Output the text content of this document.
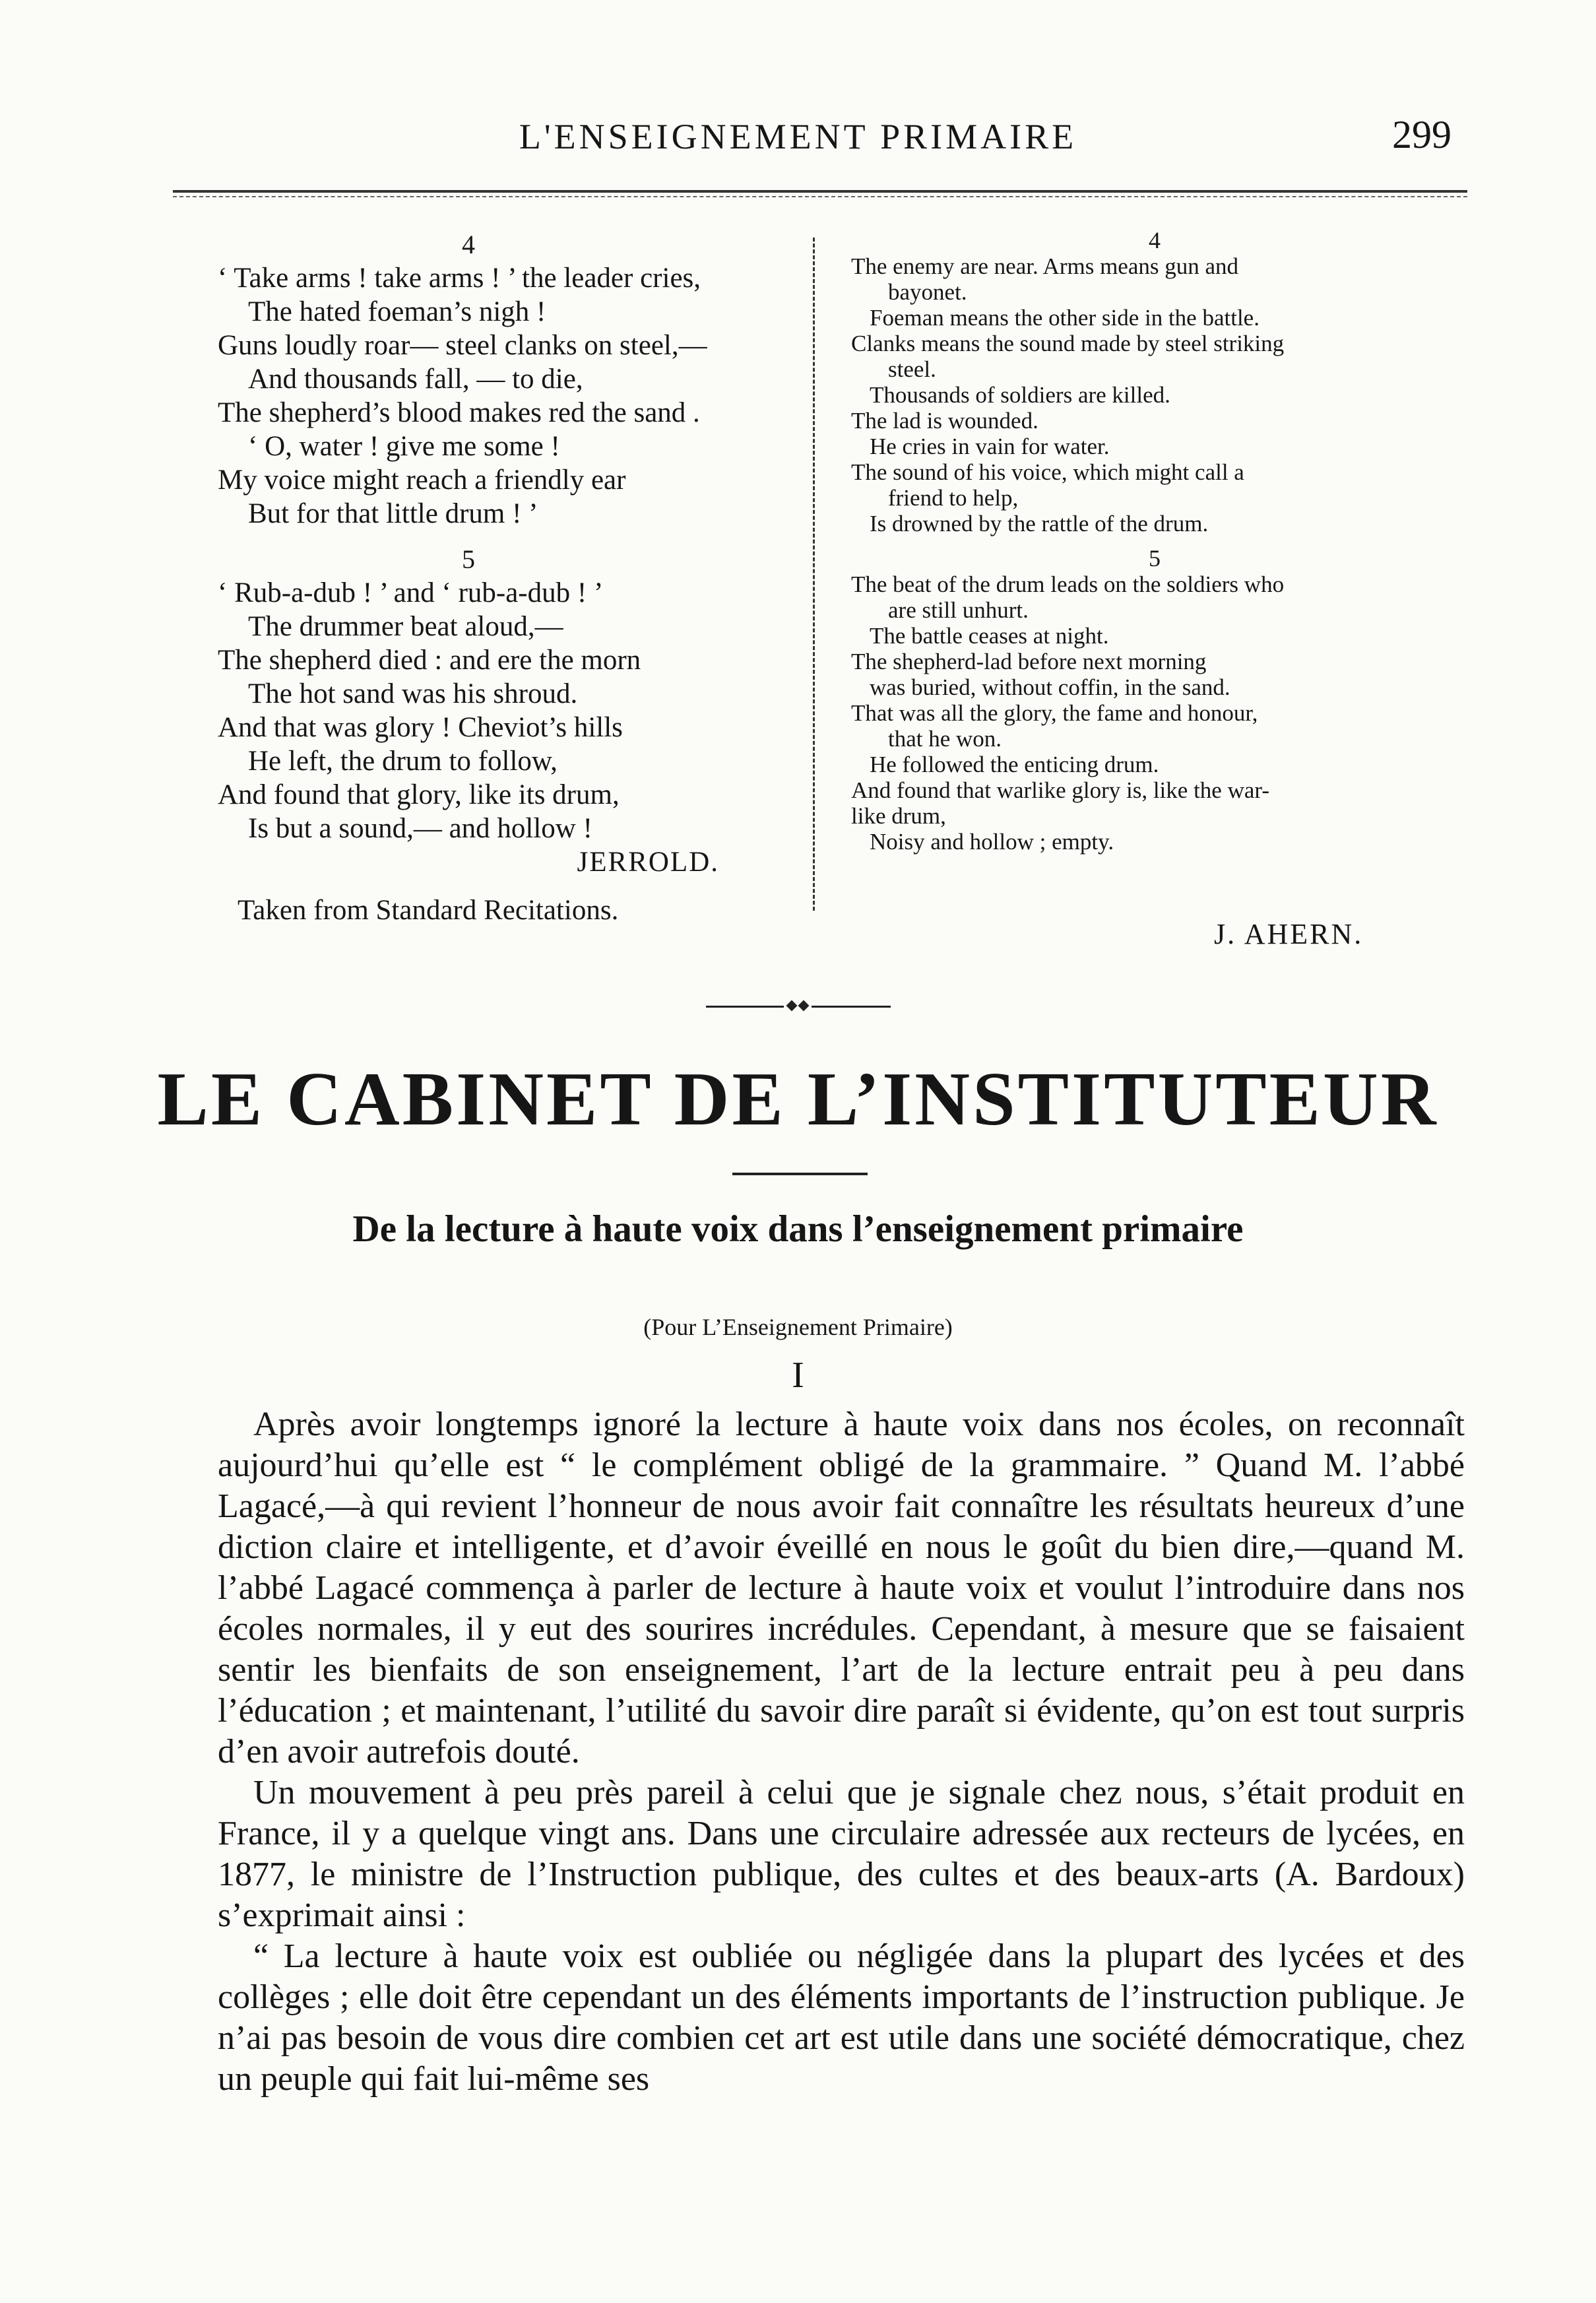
L'ENSEIGNEMENT PRIMAIRE	299
4
‘ Take arms ! take arms ! ’ the leader cries,
The hated foeman’s nigh !
Guns loudly roar— steel clanks on steel,—
And thousands fall, — to die,
The shepherd’s blood makes red the sand .
‘ O, water ! give me some !
My voice might reach a friendly ear
But for that little drum ! ’
5
‘ Rub-a-dub ! ’ and ‘ rub-a-dub ! ’
The drummer beat aloud,—
The shepherd died : and ere the morn
The hot sand was his shroud.
And that was glory ! Cheviot’s hills
He left, the drum to follow,
And found that glory, like its drum,
Is but a sound,— and hollow !
JERROLD.
Taken from Standard Recitations.
4
The enemy are near. Arms means gun and
bayonet.
Foeman means the other side in the battle.
Clanks means the sound made by steel striking
steel.
Thousands of soldiers are killed.
The lad is wounded.
He cries in vain for water.
The sound of his voice, which might call a
friend to help,
Is drowned by the rattle of the drum.
5
The beat of the drum leads on the soldiers who
are still unhurt.
The battle ceases at night.
The shepherd-lad before next morning
was buried, without coffin, in the sand.
That was all the glory, the fame and honour,
that he won.
He followed the enticing drum.
And found that warlike glory is, like the war-
like drum,
Noisy and hollow ; empty.
J. AHERN.
LE CABINET DE L’INSTITUTEUR
De la lecture à haute voix dans l’enseignement primaire
(Pour L’Enseignement Primaire)
I

Après avoir longtemps ignoré la lecture à haute voix dans nos écoles, on reconnaît aujourd’hui qu’elle est “ le complément obligé de la grammaire. ” Quand M. l’abbé Lagacé,—à qui revient l’honneur de nous avoir fait connaître les résultats heureux d’une diction claire et intelligente, et d’avoir éveillé en nous le goût du bien dire,—quand M. l’abbé Lagacé commença à parler de lecture à haute voix et voulut l’introduire dans nos écoles normales, il y eut des sourires incrédules. Cependant, à mesure que se faisaient sentir les bienfaits de son enseignement, l’art de la lecture entrait peu à peu dans l’éducation ; et maintenant, l’utilité du savoir dire paraît si évidente, qu’on est tout surpris d’en avoir autrefois douté.

Un mouvement à peu près pareil à celui que je signale chez nous, s’était produit en France, il y a quelque vingt ans. Dans une circulaire adressée aux recteurs de lycées, en 1877, le ministre de l’Instruction publique, des cultes et des beaux-arts (A. Bardoux) s’exprimait ainsi :

“ La lecture à haute voix est oubliée ou négligée dans la plupart des lycées et des collèges ; elle doit être cependant un des éléments importants de l’instruction publique. Je n’ai pas besoin de vous dire combien cet art est utile dans une société démocratique, chez un peuple qui fait lui-même ses
